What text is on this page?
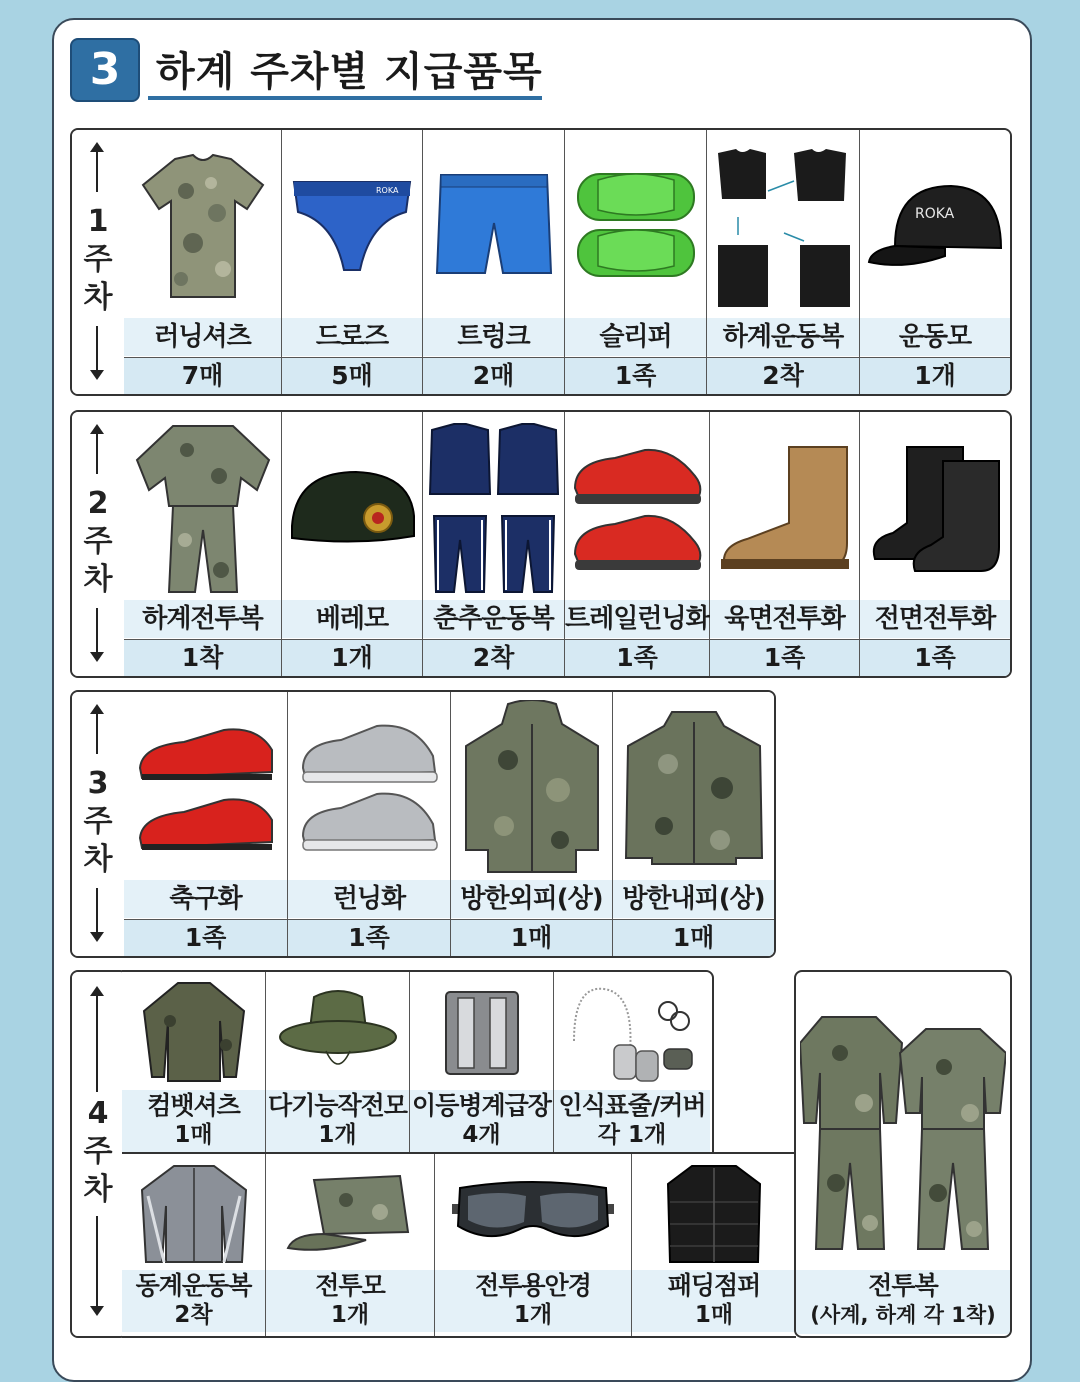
3 하계 주차별 지급품목
1
주
차
러닝셔츠
7매
ROKA
드로즈
5매
트렁크
2매
슬리퍼
1족
하계운동복
2착
ROKA
운동모
1개
2
주
차
하계전투복
1착
베레모
1개
춘추운동복
2착
트레일런닝화
1족
육면전투화
1족
전면전투화
1족
3
주
차
축구화
1족
런닝화
1족
방한외피(상)
1매
방한내피(상)
1매
4
주
차
컴뱃셔츠
1매
다기능작전모
1개
이등병계급장
4개
인식표줄/커버
각 1개
동계운동복
2착
전투모
1개
전투용안경
1개
패딩점퍼
1매
전투복
(사계, 하계 각 1착)
